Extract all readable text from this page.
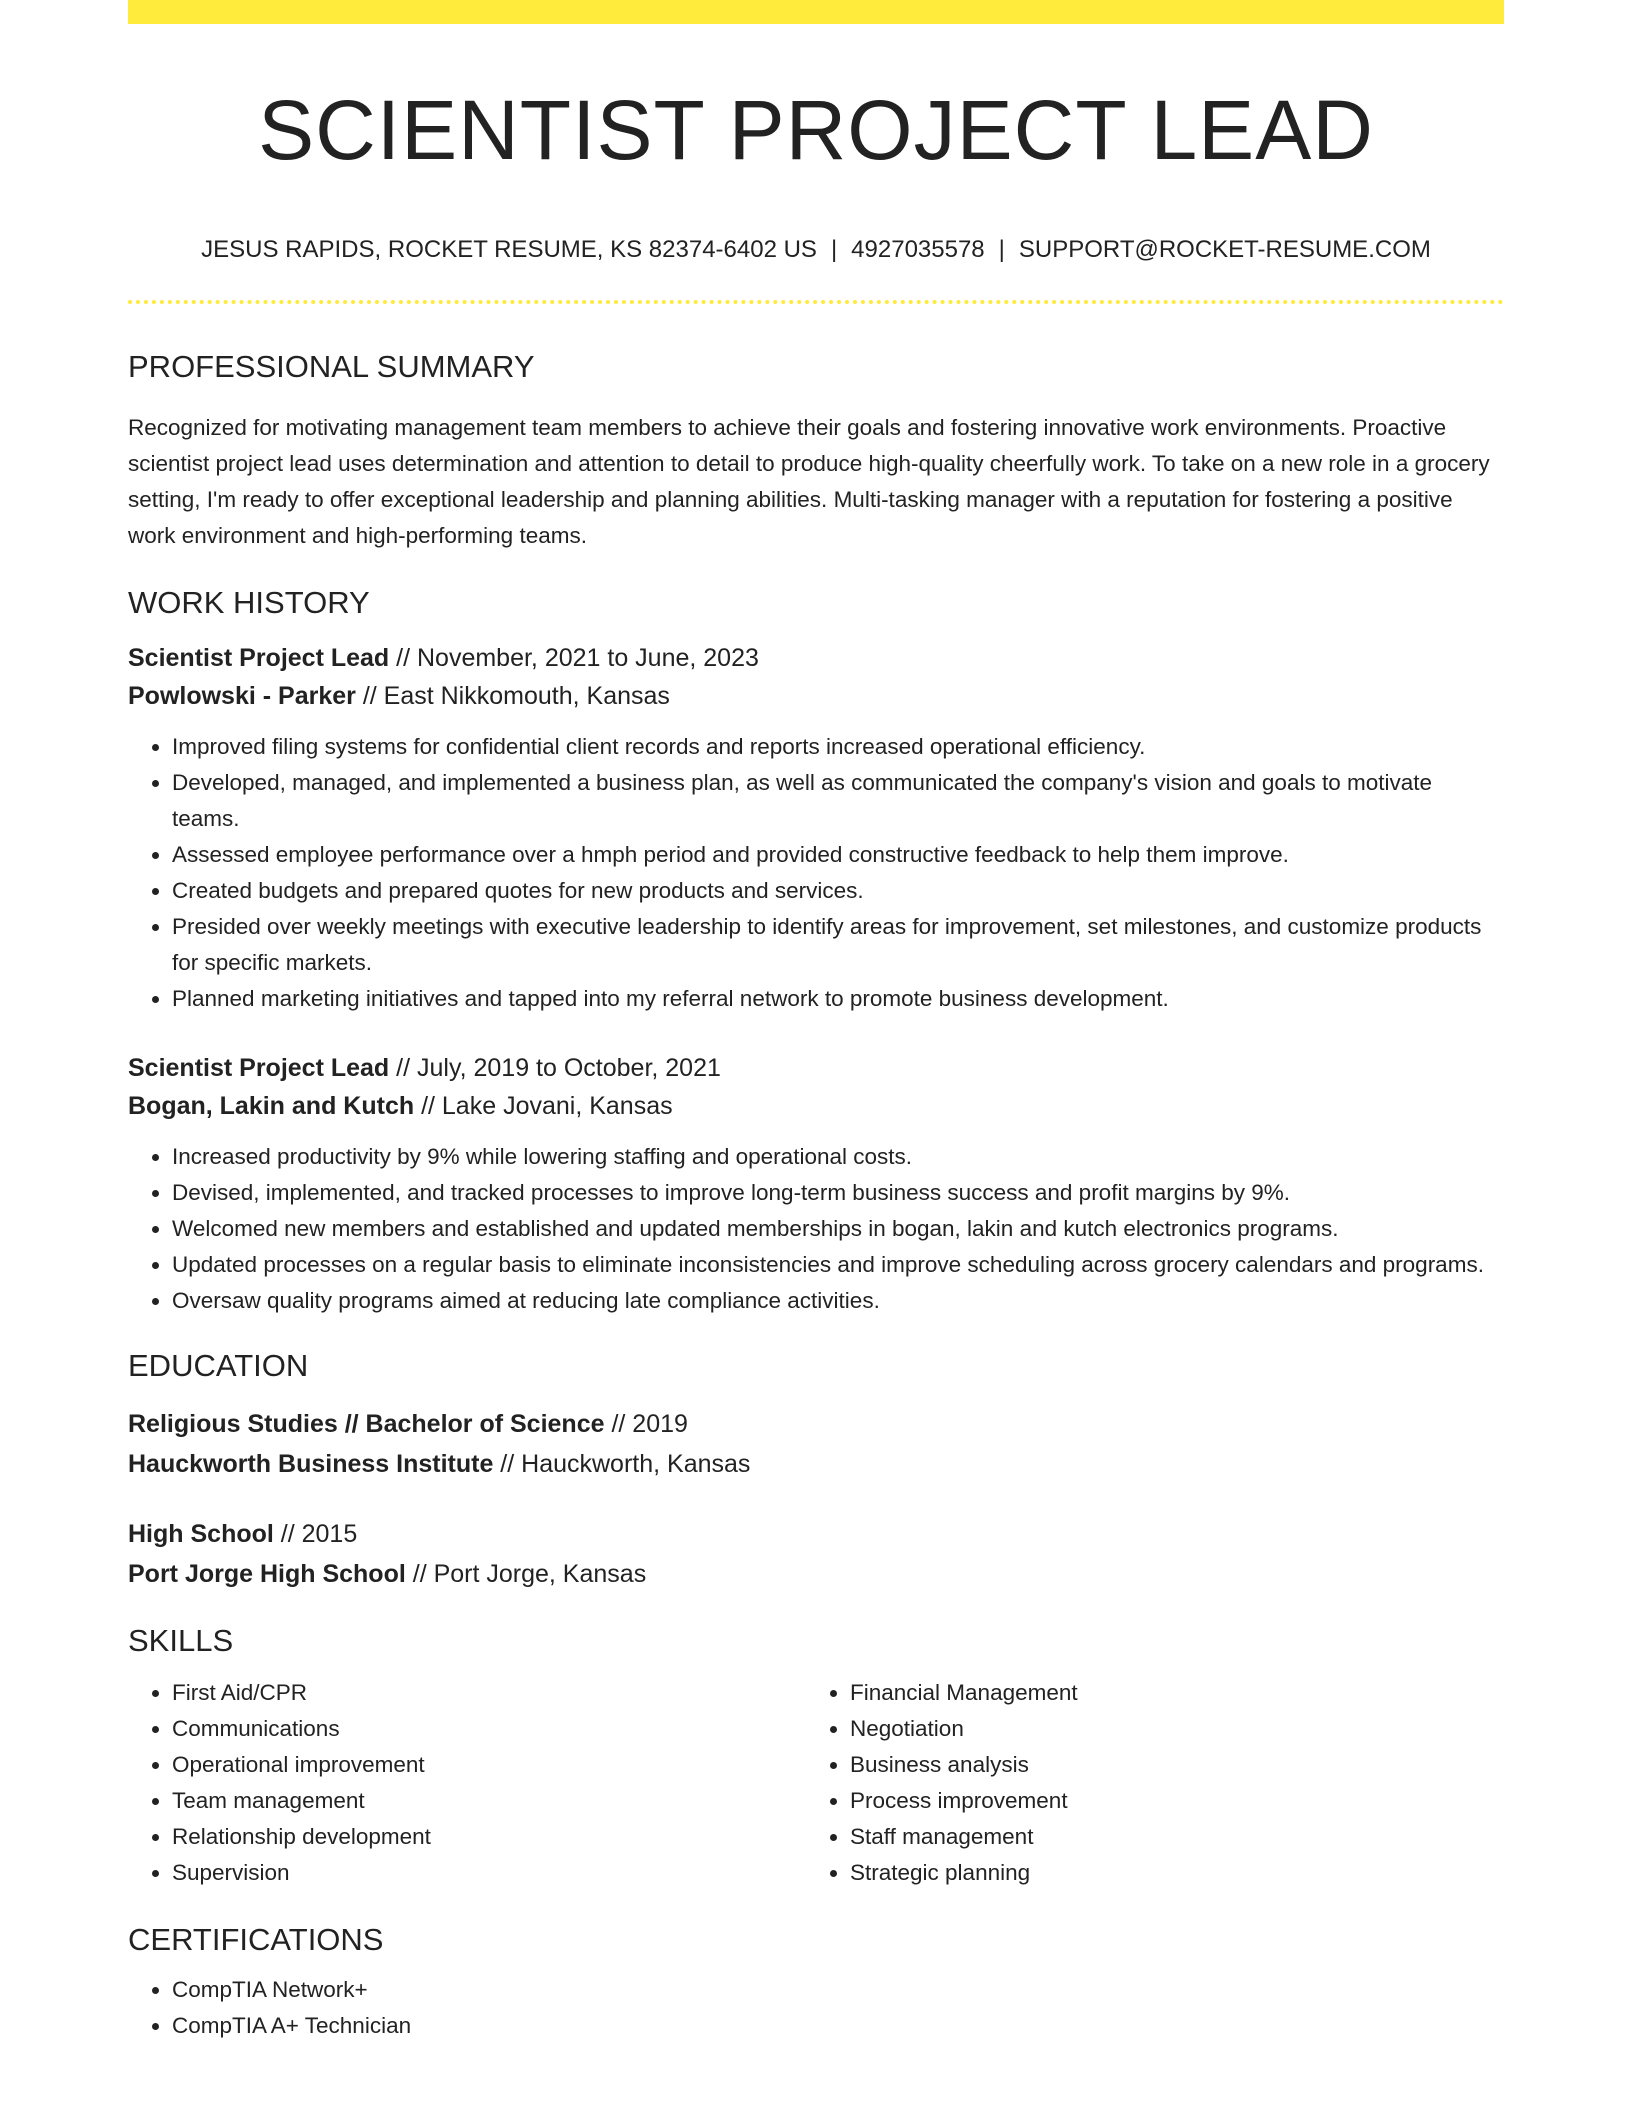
SCIENTIST PROJECT LEAD
JESUS RAPIDS, ROCKET RESUME, KS 82374-6402 US | 4927035578 | SUPPORT@ROCKET-RESUME.COM
PROFESSIONAL SUMMARY
Recognized for motivating management team members to achieve their goals and fostering innovative work environments. Proactive scientist project lead uses determination and attention to detail to produce high-quality cheerfully work. To take on a new role in a grocery setting, I'm ready to offer exceptional leadership and planning abilities. Multi-tasking manager with a reputation for fostering a positive work environment and high-performing teams.
WORK HISTORY
Scientist Project Lead // November, 2021 to June, 2023
Powlowski - Parker // East Nikkomouth, Kansas
• Improved filing systems for confidential client records and reports increased operational efficiency.
• Developed, managed, and implemented a business plan, as well as communicated the company's vision and goals to motivate teams.
• Assessed employee performance over a hmph period and provided constructive feedback to help them improve.
• Created budgets and prepared quotes for new products and services.
• Presided over weekly meetings with executive leadership to identify areas for improvement, set milestones, and customize products for specific markets.
• Planned marketing initiatives and tapped into my referral network to promote business development.
Scientist Project Lead // July, 2019 to October, 2021
Bogan, Lakin and Kutch // Lake Jovani, Kansas
• Increased productivity by 9% while lowering staffing and operational costs.
• Devised, implemented, and tracked processes to improve long-term business success and profit margins by 9%.
• Welcomed new members and established and updated memberships in bogan, lakin and kutch electronics programs.
• Updated processes on a regular basis to eliminate inconsistencies and improve scheduling across grocery calendars and programs.
• Oversaw quality programs aimed at reducing late compliance activities.
EDUCATION
Religious Studies // Bachelor of Science // 2019
Hauckworth Business Institute // Hauckworth, Kansas
High School // 2015
Port Jorge High School // Port Jorge, Kansas
SKILLS
• First Aid/CPR
• Communications
• Operational improvement
• Team management
• Relationship development
• Supervision
• Financial Management
• Negotiation
• Business analysis
• Process improvement
• Staff management
• Strategic planning
CERTIFICATIONS
• CompTIA Network+
• CompTIA A+ Technician
